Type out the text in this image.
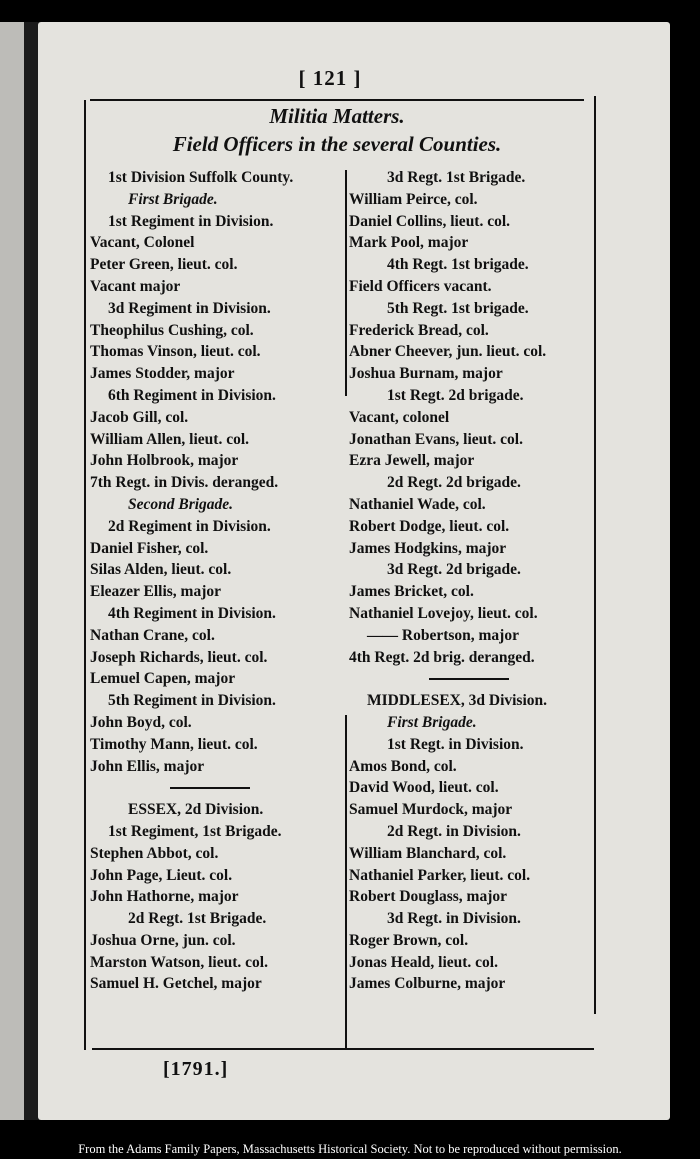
[ 121 ]
Militia Matters.
Field Officers in the several Counties.
1st Division Suffolk County.
First Brigade.
1st Regiment in Division.
Vacant, Colonel
Peter Green, lieut. col.
Vacant major
3d Regiment in Division.
Theophilus Cushing, col.
Thomas Vinson, lieut. col.
James Stodder, major
6th Regiment in Division.
Jacob Gill, col.
William Allen, lieut. col.
John Holbrook, major
7th Regt. in Divis. deranged.
Second Brigade.
2d Regiment in Division.
Daniel Fisher, col.
Silas Alden, lieut. col.
Eleazer Ellis, major
4th Regiment in Division.
Nathan Crane, col.
Joseph Richards, lieut. col.
Lemuel Capen, major
5th Regiment in Division.
John Boyd, col.
Timothy Mann, lieut. col.
John Ellis, major
ESSEX, 2d Division.
1st Regiment, 1st Brigade.
Stephen Abbot, col.
John Page, Lieut. col.
John Hathorne, major
2d Regt. 1st Brigade.
Joshua Orne, jun. col.
Marston Watson, lieut. col.
Samuel H. Getchel, major
3d Regt. 1st Brigade.
William Peirce, col.
Daniel Collins, lieut. col.
Mark Pool, major
4th Regt. 1st brigade.
Field Officers vacant.
5th Regt. 1st brigade.
Frederick Bread, col.
Abner Cheever, jun. lieut. col.
Joshua Burnam, major
1st Regt. 2d brigade.
Vacant, colonel
Jonathan Evans, lieut. col.
Ezra Jewell, major
2d Regt. 2d brigade.
Nathaniel Wade, col.
Robert Dodge, lieut. col.
James Hodgkins, major
3d Regt. 2d brigade.
James Bricket, col.
Nathaniel Lovejoy, lieut. col.
—— Robertson, major
4th Regt. 2d brig. deranged.
MIDDLESEX, 3d Division.
First Brigade.
1st Regt. in Division.
Amos Bond, col.
David Wood, lieut. col.
Samuel Murdock, major
2d Regt. in Division.
William Blanchard, col.
Nathaniel Parker, lieut. col.
Robert Douglass, major
3d Regt. in Division.
Roger Brown, col.
Jonas Heald, lieut. col.
James Colburne, major
[1791.]
From the Adams Family Papers, Massachusetts Historical Society. Not to be reproduced without permission.
